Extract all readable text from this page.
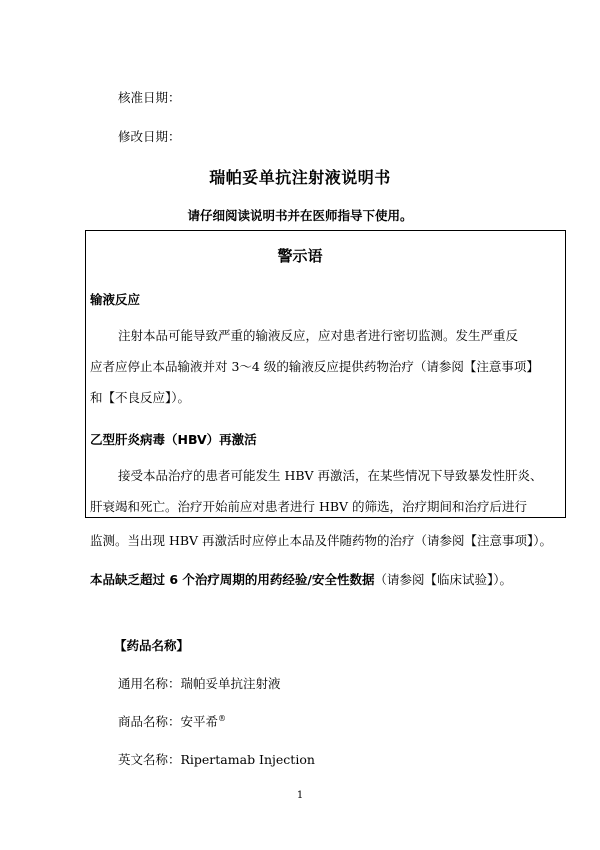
核准日期：
修改日期：
瑞帕妥单抗注射液说明书
请仔细阅读说明书并在医师指导下使用。
警示语
输液反应
注射本品可能导致严重的输液反应，应对患者进行密切监测。发生严重反
应者应停止本品输液并对 3～4 级的输液反应提供药物治疗（请参阅【注意事项】
和【不良反应】）。
乙型肝炎病毒（HBV）再激活
接受本品治疗的患者可能发生 HBV 再激活，在某些情况下导致暴发性肝炎、
肝衰竭和死亡。治疗开始前应对患者进行 HBV 的筛选，治疗期间和治疗后进行
监测。当出现 HBV 再激活时应停止本品及伴随药物的治疗（请参阅【注意事项】）。
本品缺乏超过 6 个治疗周期的用药经验/安全性数据（请参阅【临床试验】）。
【药品名称】
通用名称：瑞帕妥单抗注射液
商品名称：安平希®
英文名称：Ripertamab Injection
1
